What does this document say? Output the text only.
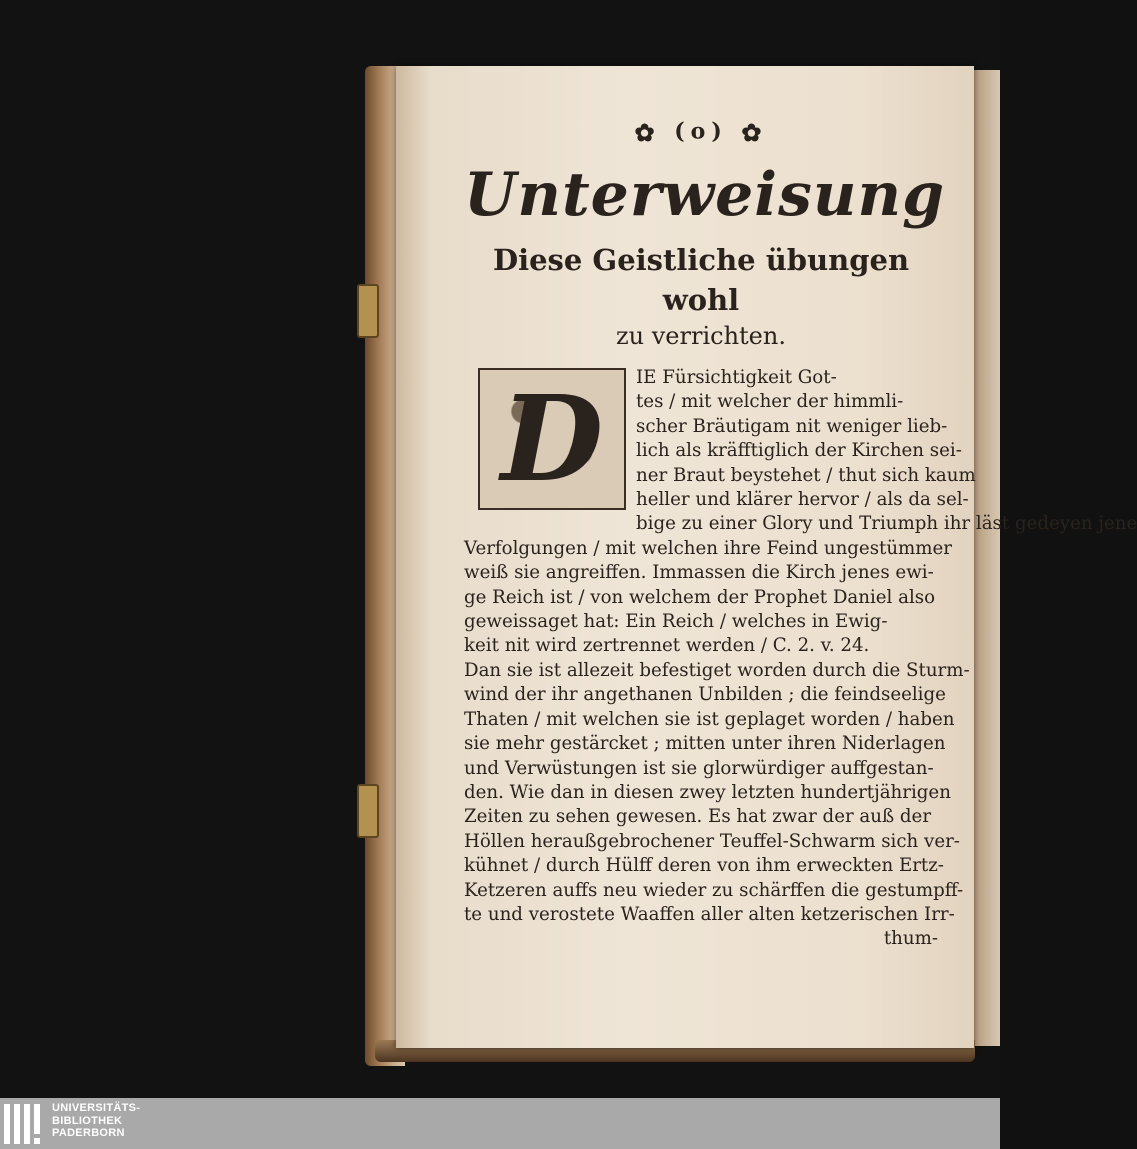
✿ (o) ✿
Unterweisung
Diese Geistliche übungen wohl
zu verrichten.
D	IE Fürsichtigkeit Got-
tes / mit welcher der himmli-
scher Bräutigam nit weniger lieb-
lich als kräfftiglich der Kirchen sei-
ner Braut beystehet / thut sich kaum
heller und klärer hervor / als da sel-
bige zu einer Glory und Triumph ihr läst gedeyen jene
Verfolgungen / mit welchen ihre Feind ungestümmer
weiß sie angreiffen. Immassen die Kirch jenes ewi-
ge Reich ist / von welchem der Prophet Daniel also
geweissaget hat: Ein Reich / welches in Ewig-
keit nit wird zertrennet werden / C. 2. v. 24.
Dan sie ist allezeit befestiget worden durch die Sturm-
wind der ihr angethanen Unbilden ; die feindseelige
Thaten / mit welchen sie ist geplaget worden / haben
sie mehr gestärcket ; mitten unter ihren Niderlagen
und Verwüstungen ist sie glorwürdiger auffgestan-
den. Wie dan in diesen zwey letzten hundertjährigen
Zeiten zu sehen gewesen. Es hat zwar der auß der
Höllen heraußgebrochener Teuffel-Schwarm sich ver-
kühnet / durch Hülff deren von ihm erweckten Ertz-
Ketzeren auffs neu wieder zu schärffen die gestumpff-
te und verostete Waaffen aller alten ketzerischen Irr-
thum-
UNIVERSITÄTS-
BIBLIOTHEK
PADERBORN
